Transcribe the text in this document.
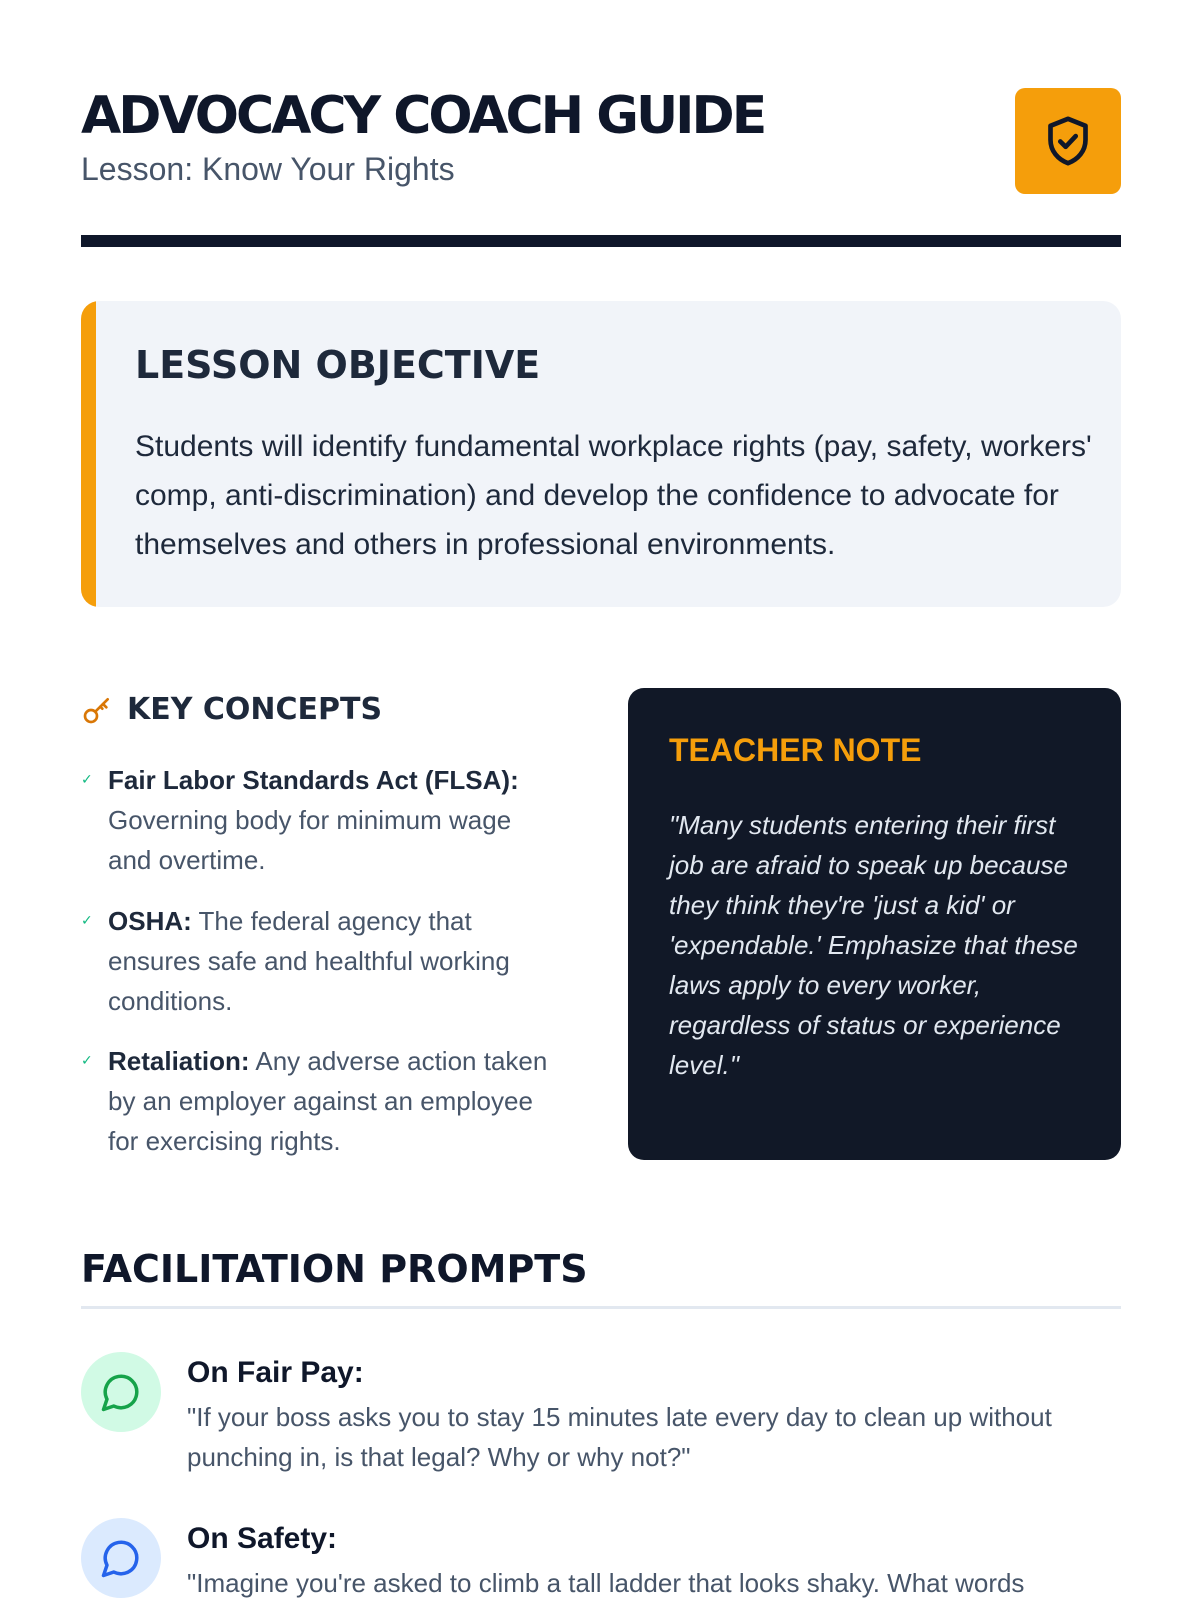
ADVOCACY COACH GUIDE
Lesson: Know Your Rights
LESSON OBJECTIVE

Students will identify fundamental workplace rights (pay, safety, workers' comp, anti-discrimination) and develop the confidence to advocate for themselves and others in professional environments.

KEY CONCEPTS
✓ Fair Labor Standards Act (FLSA): Governing body for minimum wage and overtime.
✓ OSHA: The federal agency that ensures safe and healthful working conditions.
✓ Retaliation: Any adverse action taken by an employer against an employee for exercising rights.
TEACHER NOTE

"Many students entering their first job are afraid to speak up because they think they're 'just a kid' or 'expendable.' Emphasize that these laws apply to every worker, regardless of status or experience level."

FACILITATION PROMPTS
On Fair Pay:
"If your boss asks you to stay 15 minutes late every day to clean up without punching in, is that legal? Why or why not?"
On Safety:
"Imagine you're asked to climb a tall ladder that looks shaky. What words
